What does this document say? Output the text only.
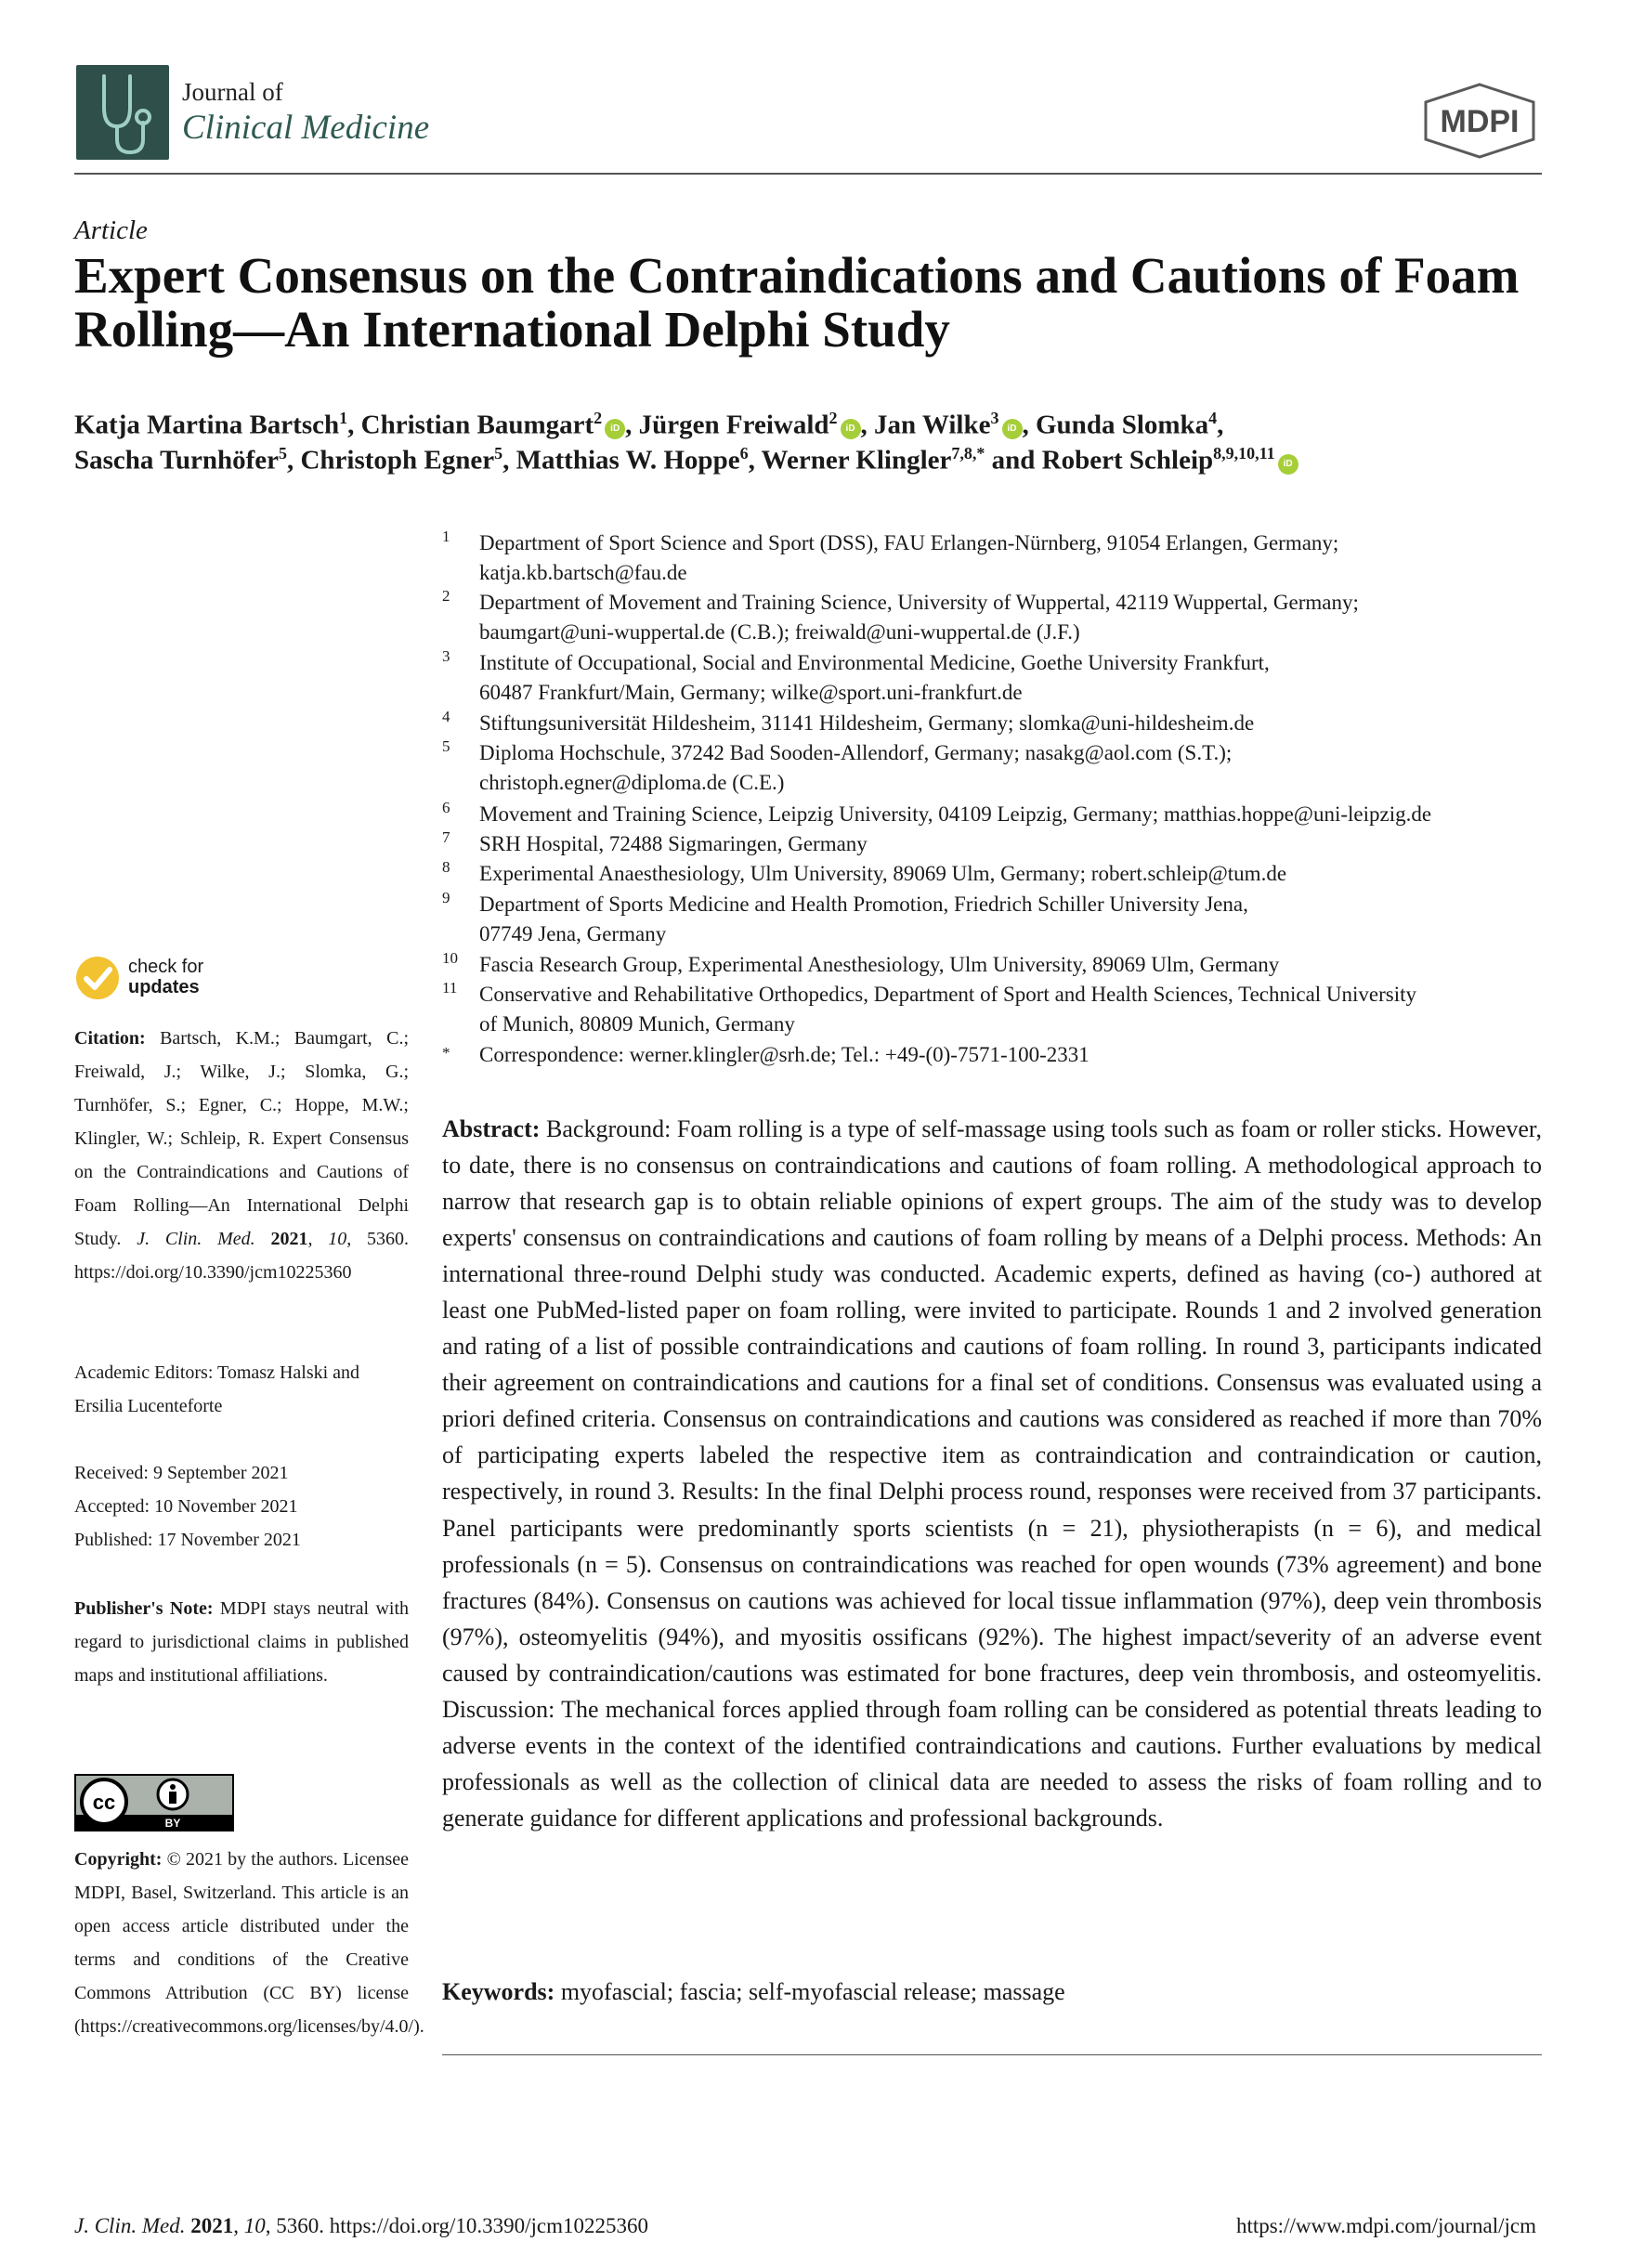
Journal of
Clinical Medicine	MDPI
Article
Expert Consensus on the Contraindications and Cautions of Foam Rolling—An International Delphi Study
Katja Martina Bartsch$^1$, Christian Baumgart$^2$iD , Jürgen Freiwald$^2$iD , Jan Wilke$^3$iD , Gunda Slomka$^4$,
Sascha Turnhöfer$^5$, Christoph Egner$^5$, Matthias W. Hoppe$^6$, Werner Klingler$^{7,8,*}$ and Robert Schleip$^{8,9,10,11}$iD
1 Department of Sport Science and Sport (DSS), FAU Erlangen-Nürnberg, 91054 Erlangen, Germany;
katja.kb.bartsch@fau.de
2 Department of Movement and Training Science, University of Wuppertal, 42119 Wuppertal, Germany;
baumgart@uni-wuppertal.de (C.B.); freiwald@uni-wuppertal.de (J.F.)
3 Institute of Occupational, Social and Environmental Medicine, Goethe University Frankfurt,
60487 Frankfurt/Main, Germany; wilke@sport.uni-frankfurt.de
4 Stiftungsuniversität Hildesheim, 31141 Hildesheim, Germany; slomka@uni-hildesheim.de
5 Diploma Hochschule, 37242 Bad Sooden-Allendorf, Germany; nasakg@aol.com (S.T.);
christoph.egner@diploma.de (C.E.)
6 Movement and Training Science, Leipzig University, 04109 Leipzig, Germany; matthias.hoppe@uni-leipzig.de
7 SRH Hospital, 72488 Sigmaringen, Germany
8 Experimental Anaesthesiology, Ulm University, 89069 Ulm, Germany; robert.schleip@tum.de
9 Department of Sports Medicine and Health Promotion, Friedrich Schiller University Jena,
07749 Jena, Germany
10 Fascia Research Group, Experimental Anesthesiology, Ulm University, 89069 Ulm, Germany
11 Conservative and Rehabilitative Orthopedics, Department of Sport and Health Sciences, Technical University
of Munich, 80809 Munich, Germany
* Correspondence: werner.klingler@srh.de; Tel.: +49-(0)-7571-100-2331
check for
updates
Citation: Bartsch, K.M.; Baumgart, C.; Freiwald, J.; Wilke, J.; Slomka, G.; Turnhöfer, S.; Egner, C.; Hoppe, M.W.; Klingler, W.; Schleip, R. Expert Consensus on the Contraindications and Cautions of Foam Rolling—An International Delphi Study. J. Clin. Med. 2021, 10, 5360. https://doi.org/10.3390/jcm10225360
Academic Editors: Tomasz Halski and Ersilia Lucenteforte
Received: 9 September 2021
Accepted: 10 November 2021
Published: 17 November 2021
Publisher's Note: MDPI stays neutral with regard to jurisdictional claims in published maps and institutional affiliations.
cc
BY
Copyright: © 2021 by the authors. Licensee MDPI, Basel, Switzerland. This article is an open access article distributed under the terms and conditions of the Creative Commons Attribution (CC BY) license (https://creativecommons.org/licenses/by/4.0/).
Abstract: Background: Foam rolling is a type of self-massage using tools such as foam or roller sticks. However, to date, there is no consensus on contraindications and cautions of foam rolling. A methodological approach to narrow that research gap is to obtain reliable opinions of expert groups. The aim of the study was to develop experts' consensus on contraindications and cautions of foam rolling by means of a Delphi process. Methods: An international three-round Delphi study was conducted. Academic experts, defined as having (co-) authored at least one PubMed-listed paper on foam rolling, were invited to participate. Rounds 1 and 2 involved generation and rating of a list of possible contraindications and cautions of foam rolling. In round 3, participants indicated their agreement on contraindications and cautions for a final set of conditions. Consensus was evaluated using a priori defined criteria. Consensus on contraindications and cautions was considered as reached if more than 70% of participating experts labeled the respective item as contraindication and contraindication or caution, respectively, in round 3. Results: In the final Delphi process round, responses were received from 37 participants. Panel participants were predominantly sports scientists (n = 21), physiotherapists (n = 6), and medical professionals (n = 5). Consensus on contraindications was reached for open wounds (73% agreement) and bone fractures (84%). Consensus on cautions was achieved for local tissue inflammation (97%), deep vein thrombosis (97%), osteomyelitis (94%), and myositis ossificans (92%). The highest impact/severity of an adverse event caused by contraindication/cautions was estimated for bone fractures, deep vein thrombosis, and osteomyelitis. Discussion: The mechanical forces applied through foam rolling can be considered as potential threats leading to adverse events in the context of the identified contraindications and cautions. Further evaluations by medical professionals as well as the collection of clinical data are needed to assess the risks of foam rolling and to generate guidance for different applications and professional backgrounds.
Keywords: myofascial; fascia; self-myofascial release; massage
J. Clin. Med. 2021, 10, 5360. https://doi.org/10.3390/jcm10225360	https://www.mdpi.com/journal/jcm
